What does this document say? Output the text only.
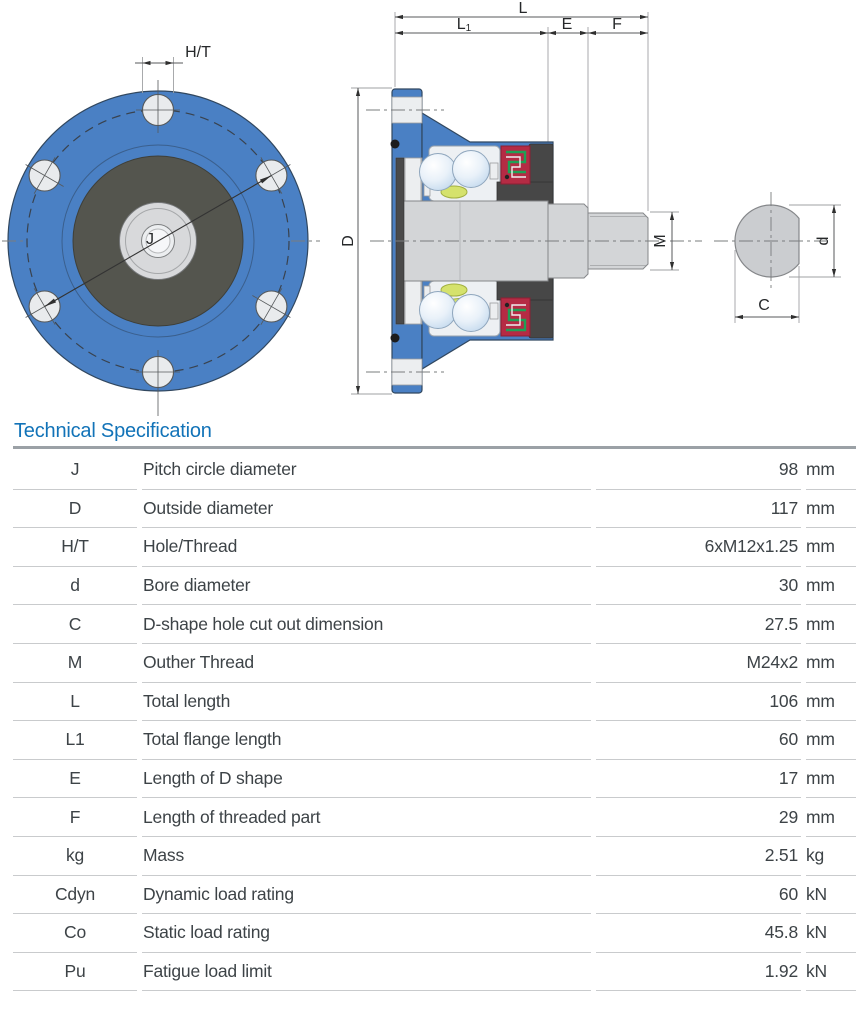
J
H/T
L
L1	E F
D	M	d
C
Technical Specification
J	Pitch circle diameter	98 mm
D	Outside diameter	117 mm
H/T	Hole/Thread	6xM12x1.25 mm
d	Bore diameter	30 mm
C	D-shape hole cut out dimension	27.5 mm
M	Outher Thread	M24x2 mm
L	Total length	106 mm
L1	Total flange length	60 mm
E	Length of D shape	17 mm
F	Length of threaded part	29 mm
kg	Mass	2.51 kg
Cdyn	Dynamic load rating	60 kN
Co	Static load rating	45.8 kN
Pu	Fatigue load limit	1.92 kN
